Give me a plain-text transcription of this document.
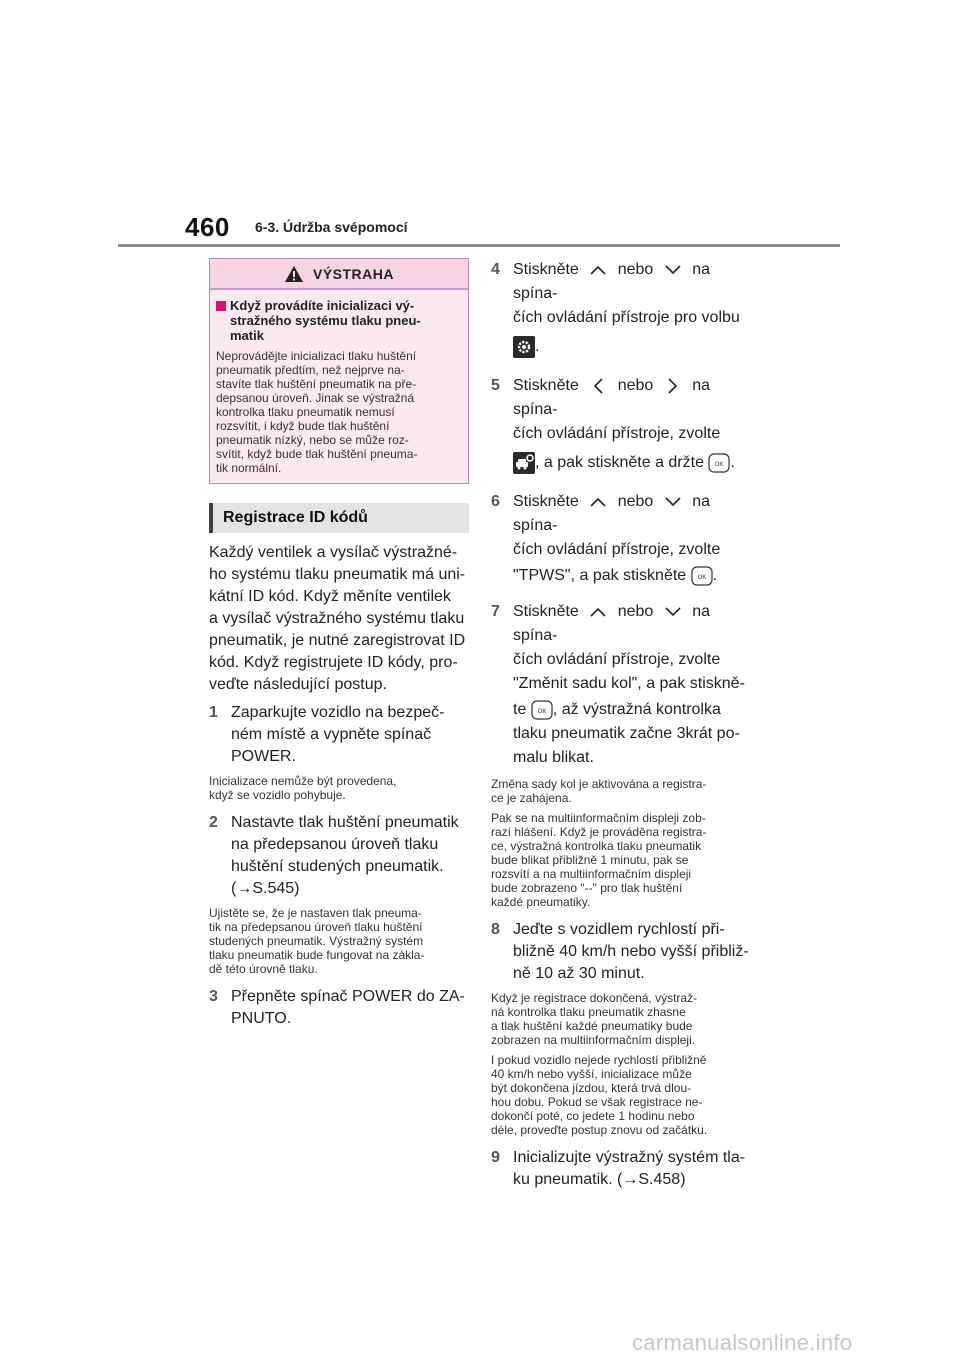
460 6-3. Údržba svépomocí
VÝSTRAHA
Když provádíte inicializaci vý-
stražného systému tlaku pneu-
matik
Neprovádějte inicializaci tlaku huštění
pneumatik předtím, než nejprve na-
stavíte tlak huštění pneumatik na pře-
depsanou úroveň. Jinak se výstražná
kontrolka tlaku pneumatik nemusí
rozsvítit, i když bude tlak huštění
pneumatik nízký, nebo se může roz-
svítit, když bude tlak huštění pneuma-
tik normální.
Registrace ID kódů
Každý ventilek a vysílač výstražné-
ho systému tlaku pneumatik má uni-
kátní ID kód. Když měníte ventilek
a vysílač výstražného systému tlaku
pneumatik, je nutné zaregistrovat ID
kód. Když registrujete ID kódy, pro-
veďte následující postup.
1 Zaparkujte vozidlo na bezpeč-
ném místě a vypněte spínač
POWER.
Inicializace nemůže být provedena,
když se vozidlo pohybuje.
2 Nastavte tlak huštění pneumatik
na předepsanou úroveň tlaku
huštění studených pneumatik.
(→S.545)
Ujistěte se, že je nastaven tlak pneuma-
tik na předepsanou úroveň tlaku huštění
studených pneumatik. Výstražný systém
tlaku pneumatik bude fungovat na zákla-
dě této úrovně tlaku.
3 Přepněte spínač POWER do ZA-
PNUTO.
4 Stiskněte nebo na spína-
čích ovládání přístroje pro volbu
.
5 Stiskněte nebo na spína-
čích ovládání přístroje, zvolte
, a pak stiskněte a držte OK .
6 Stiskněte nebo na spína-
čích ovládání přístroje, zvolte
"TPWS", a pak stiskněte OK .
7 Stiskněte nebo na spína-
čích ovládání přístroje, zvolte
"Změnit sadu kol", a pak stiskně-
te OK , až výstražná kontrolka
tlaku pneumatik začne 3krát po-
malu blikat.
Změna sady kol je aktivována a registra-
ce je zahájena.
Pak se na multiinformačním displeji zob-
razí hlášení. Když je prováděna registra-
ce, výstražná kontrolka tlaku pneumatik
bude blikat přibližně 1 minutu, pak se
rozsvítí a na multiinformačním displeji
bude zobrazeno "--" pro tlak huštění
každé pneumatiky.
8 Jeďte s vozidlem rychlostí při-
bližně 40 km/h nebo vyšší přibliž-
ně 10 až 30 minut.
Když je registrace dokončená, výstraž-
ná kontrolka tlaku pneumatik zhasne
a tlak huštění každé pneumatiky bude
zobrazen na multiinformačním displeji.
I pokud vozidlo nejede rychlostí přibližně
40 km/h nebo vyšší, inicializace může
být dokončena jízdou, která trvá dlou-
hou dobu. Pokud se však registrace ne-
dokončí poté, co jedete 1 hodinu nebo
déle, proveďte postup znovu od začátku.
9 Inicializujte výstražný systém tla-
ku pneumatik. (→S.458)
carmanualsonline.info
